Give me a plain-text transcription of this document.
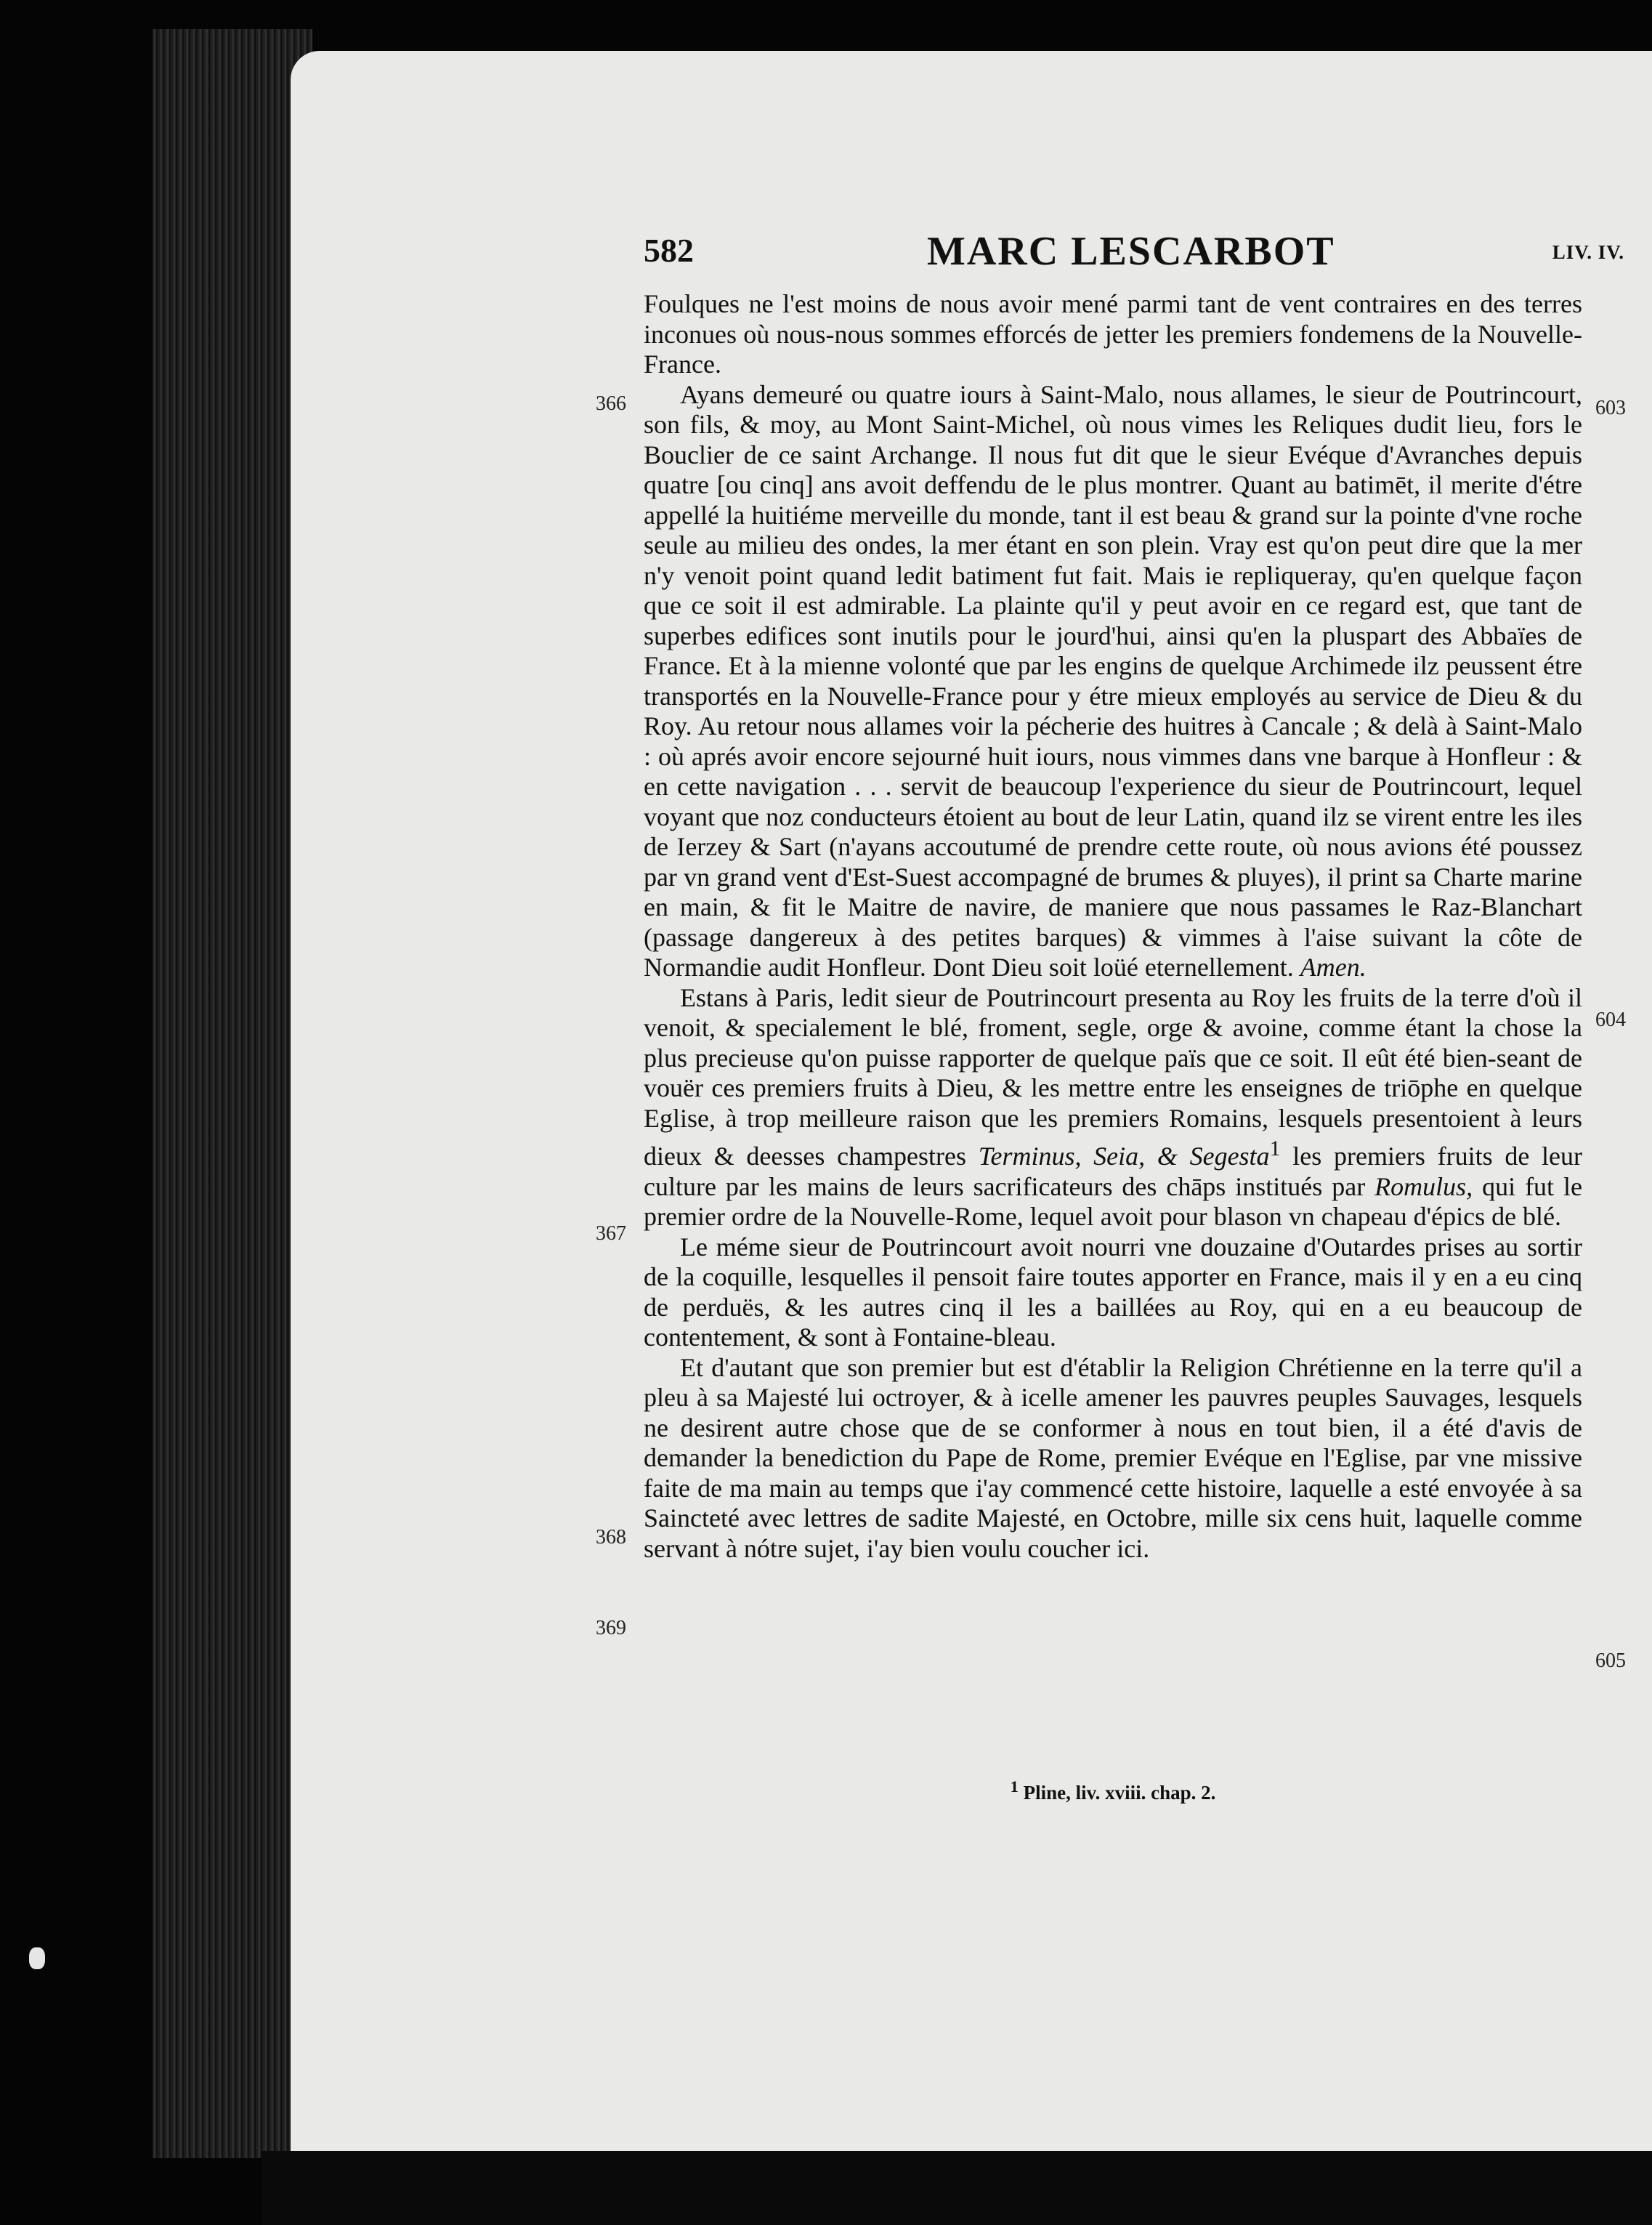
582	MARC LESCARBOT	LIV. IV.
366
367
368
369
603
604
605

Foulques ne l'est moins de nous avoir mené parmi tant de vent contraires en des terres inconues où nous-nous sommes efforcés de jetter les premiers fondemens de la Nouvelle-France.

Ayans demeuré ou quatre iours à Saint-Malo, nous allames, le sieur de Poutrincourt, son fils, & moy, au Mont Saint-Michel, où nous vimes les Reliques dudit lieu, fors le Bouclier de ce saint Archange. Il nous fut dit que le sieur Evéque d'Avranches depuis quatre [ou cinq] ans avoit deffendu de le plus montrer. Quant au batimēt, il merite d'étre appellé la huitiéme merveille du monde, tant il est beau & grand sur la pointe d'vne roche seule au milieu des ondes, la mer étant en son plein. Vray est qu'on peut dire que la mer n'y venoit point quand ledit batiment fut fait. Mais ie repliqueray, qu'en quelque façon que ce soit il est admirable. La plainte qu'il y peut avoir en ce regard est, que tant de superbes edifices sont inutils pour le jourd'hui, ainsi qu'en la pluspart des Abbaïes de France. Et à la mienne volonté que par les engins de quelque Archimede ilz peussent étre transportés en la Nouvelle-France pour y étre mieux employés au service de Dieu & du Roy. Au retour nous allames voir la pécherie des huitres à Cancale ; & delà à Saint-Malo : où aprés avoir encore sejourné huit iours, nous vimmes dans vne barque à Honfleur : & en cette navigation . . . servit de beaucoup l'experience du sieur de Poutrincourt, lequel voyant que noz conducteurs étoient au bout de leur Latin, quand ilz se virent entre les iles de Ierzey & Sart (n'ayans accoutumé de prendre cette route, où nous avions été poussez par vn grand vent d'Est-Suest accompagné de brumes & pluyes), il print sa Charte marine en main, & fit le Maitre de navire, de maniere que nous passames le Raz-Blanchart (passage dangereux à des petites barques) & vimmes à l'aise suivant la côte de Normandie audit Honfleur. Dont Dieu soit loüé eternellement. Amen.

Estans à Paris, ledit sieur de Poutrincourt presenta au Roy les fruits de la terre d'où il venoit, & specialement le blé, froment, segle, orge & avoine, comme étant la chose la plus precieuse qu'on puisse rapporter de quelque païs que ce soit. Il eût été bien-seant de vouër ces premiers fruits à Dieu, & les mettre entre les enseignes de triōphe en quelque Eglise, à trop meilleure raison que les premiers Romains, lesquels presentoient à leurs dieux & deesses champestres Terminus, Seia, & Segesta$^1$ les premiers fruits de leur culture par les mains de leurs sacrificateurs des chāps institués par Romulus, qui fut le premier ordre de la Nouvelle-Rome, lequel avoit pour blason vn chapeau d'épics de blé.

Le méme sieur de Poutrincourt avoit nourri vne douzaine d'Outardes prises au sortir de la coquille, lesquelles il pensoit faire toutes apporter en France, mais il y en a eu cinq de perduës, & les autres cinq il les a baillées au Roy, qui en a eu beaucoup de contentement, & sont à Fontaine-bleau.

Et d'autant que son premier but est d'établir la Religion Chrétienne en la terre qu'il a pleu à sa Majesté lui octroyer, & à icelle amener les pauvres peuples Sauvages, lesquels ne desirent autre chose que de se conformer à nous en tout bien, il a été d'avis de demander la benediction du Pape de Rome, premier Evéque en l'Eglise, par vne missive faite de ma main au temps que i'ay commencé cette histoire, laquelle a esté envoyée à sa Saincteté avec lettres de sadite Majesté, en Octobre, mille six cens huit, laquelle comme servant à nótre sujet, i'ay bien voulu coucher ici.

$^1$ Pline, liv. xviii. chap. 2.
